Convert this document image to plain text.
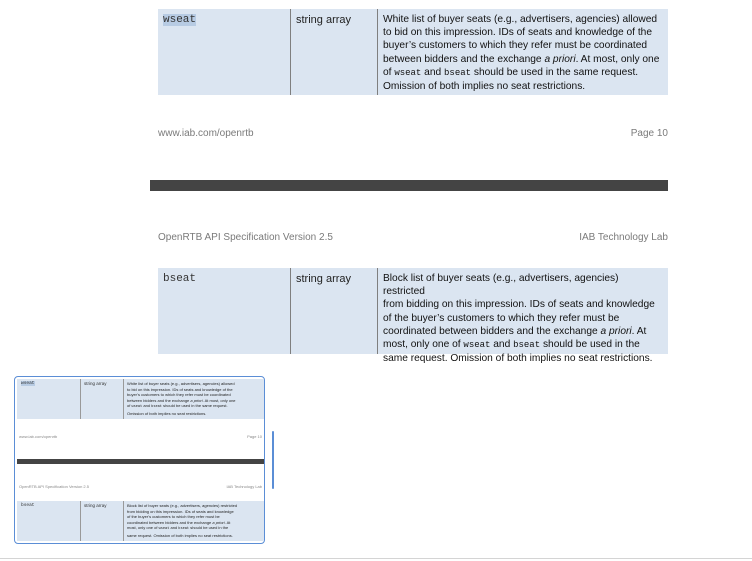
wseat	string array	White list of buyer seats (e.g., advertisers, agencies) allowed
to bid on this impression. IDs of seats and knowledge of the
buyer’s customers to which they refer must be coordinated
between bidders and the exchange a priori. At most, only one
of wseat and bseat should be used in the same request.
Omission of both implies no seat restrictions.
www.iab.com/openrtb	Page 10
OpenRTB API Specification Version 2.5	IAB Technology Lab
bseat	string array	Block list of buyer seats (e.g., advertisers, agencies) restricted
from bidding on this impression. IDs of seats and knowledge
of the buyer’s customers to which they refer must be
coordinated between bidders and the exchange a priori. At
most, only one of wseat and bseat should be used in the
same request. Omission of both implies no seat restrictions.
wseat	string array	White list of buyer seats (e.g., advertisers, agencies) allowed
to bid on this impression. IDs of seats and knowledge of the
buyer’s customers to which they refer must be coordinated
between bidders and the exchange a priori. At most, only one
of wseat and bseat should be used in the same request.
Omission of both implies no seat restrictions.
www.iab.com/openrtb	Page 10
OpenRTB API Specification Version 2.5	IAB Technology Lab
bseat	string array	Block list of buyer seats (e.g., advertisers, agencies) restricted
from bidding on this impression. IDs of seats and knowledge
of the buyer’s customers to which they refer must be
coordinated between bidders and the exchange a priori. At
most, only one of wseat and bseat should be used in the
same request. Omission of both implies no seat restrictions.
